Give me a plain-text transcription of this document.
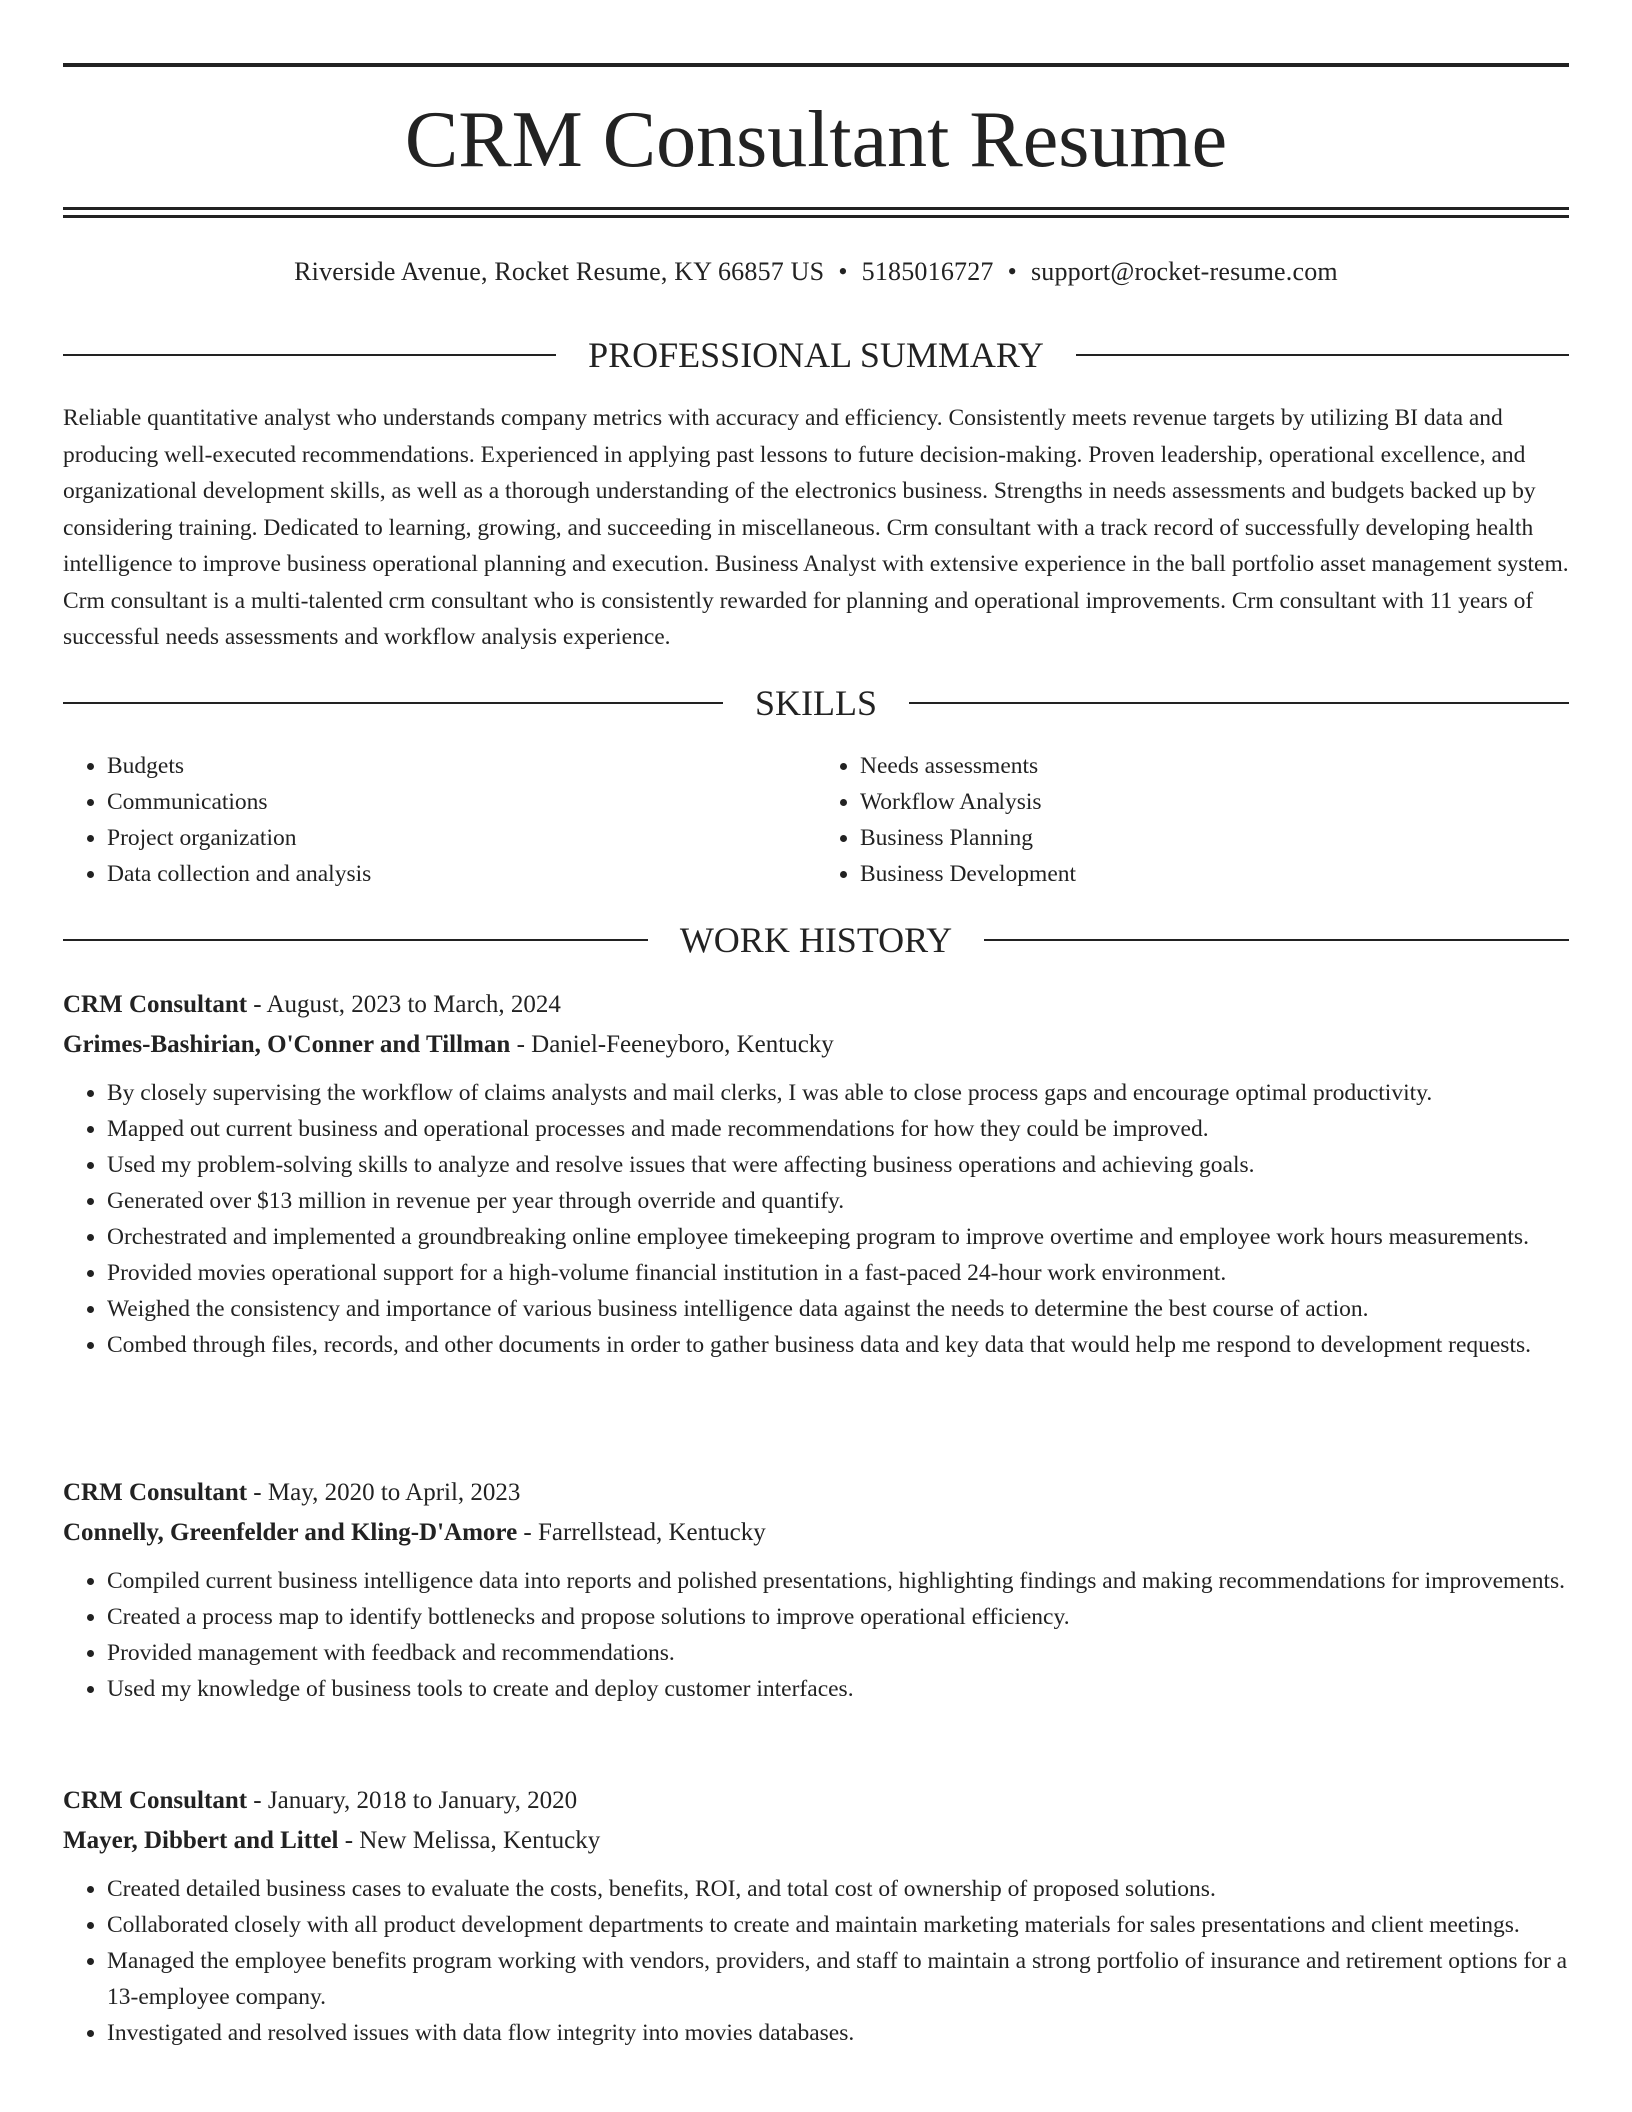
CRM Consultant Resume
Riverside Avenue, Rocket Resume, KY 66857 US • 5185016727 • support@rocket-resume.com
PROFESSIONAL SUMMARY

Reliable quantitative analyst who understands company metrics with accuracy and efficiency. Consistently meets revenue targets by utilizing BI data and producing well-executed recommendations. Experienced in applying past lessons to future decision-making. Proven leadership, operational excellence, and organizational development skills, as well as a thorough understanding of the electronics business. Strengths in needs assessments and budgets backed up by considering training. Dedicated to learning, growing, and succeeding in miscellaneous. Crm consultant with a track record of successfully developing health intelligence to improve business operational planning and execution. Business Analyst with extensive experience in the ball portfolio asset management system. Crm consultant is a multi-talented crm consultant who is consistently rewarded for planning and operational improvements. Crm consultant with 11 years of successful needs assessments and workflow analysis experience.

SKILLS
• Budgets
• Communications
• Project organization
• Data collection and analysis
• Needs assessments
• Workflow Analysis
• Business Planning
• Business Development
WORK HISTORY
CRM Consultant - August, 2023 to March, 2024
Grimes-Bashirian, O'Conner and Tillman - Daniel-Feeneyboro, Kentucky
• By closely supervising the workflow of claims analysts and mail clerks, I was able to close process gaps and encourage optimal productivity.
• Mapped out current business and operational processes and made recommendations for how they could be improved.
• Used my problem-solving skills to analyze and resolve issues that were affecting business operations and achieving goals.
• Generated over $13 million in revenue per year through override and quantify.
• Orchestrated and implemented a groundbreaking online employee timekeeping program to improve overtime and employee work hours measurements.
• Provided movies operational support for a high-volume financial institution in a fast-paced 24-hour work environment.
• Weighed the consistency and importance of various business intelligence data against the needs to determine the best course of action.
• Combed through files, records, and other documents in order to gather business data and key data that would help me respond to development requests.
CRM Consultant - May, 2020 to April, 2023
Connelly, Greenfelder and Kling-D'Amore - Farrellstead, Kentucky
• Compiled current business intelligence data into reports and polished presentations, highlighting findings and making recommendations for improvements.
• Created a process map to identify bottlenecks and propose solutions to improve operational efficiency.
• Provided management with feedback and recommendations.
• Used my knowledge of business tools to create and deploy customer interfaces.
CRM Consultant - January, 2018 to January, 2020
Mayer, Dibbert and Littel - New Melissa, Kentucky
• Created detailed business cases to evaluate the costs, benefits, ROI, and total cost of ownership of proposed solutions.
• Collaborated closely with all product development departments to create and maintain marketing materials for sales presentations and client meetings.
• Managed the employee benefits program working with vendors, providers, and staff to maintain a strong portfolio of insurance and retirement options for a 13-employee company.
• Investigated and resolved issues with data flow integrity into movies databases.
